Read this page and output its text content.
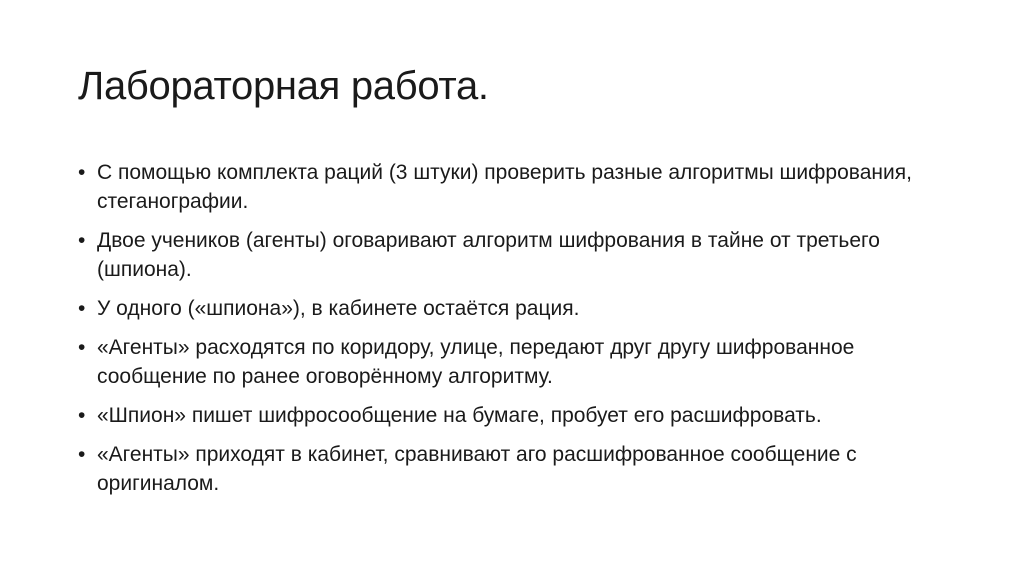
Лабораторная работа.
• С помощью комплекта раций (3 штуки) проверить разные алгоритмы шифрования, стеганографии.
• Двое учеников (агенты) оговаривают алгоритм шифрования в тайне от третьего (шпиона).
• У одного («шпиона»), в кабинете остаётся рация.
• «Агенты» расходятся по коридору, улице, передают друг другу шифрованное сообщение по ранее оговорённому алгоритму.
• «Шпион» пишет шифросообщение на бумаге, пробует его расшифровать.
• «Агенты» приходят в кабинет, сравнивают аго расшифрованное сообщение с оригиналом.
